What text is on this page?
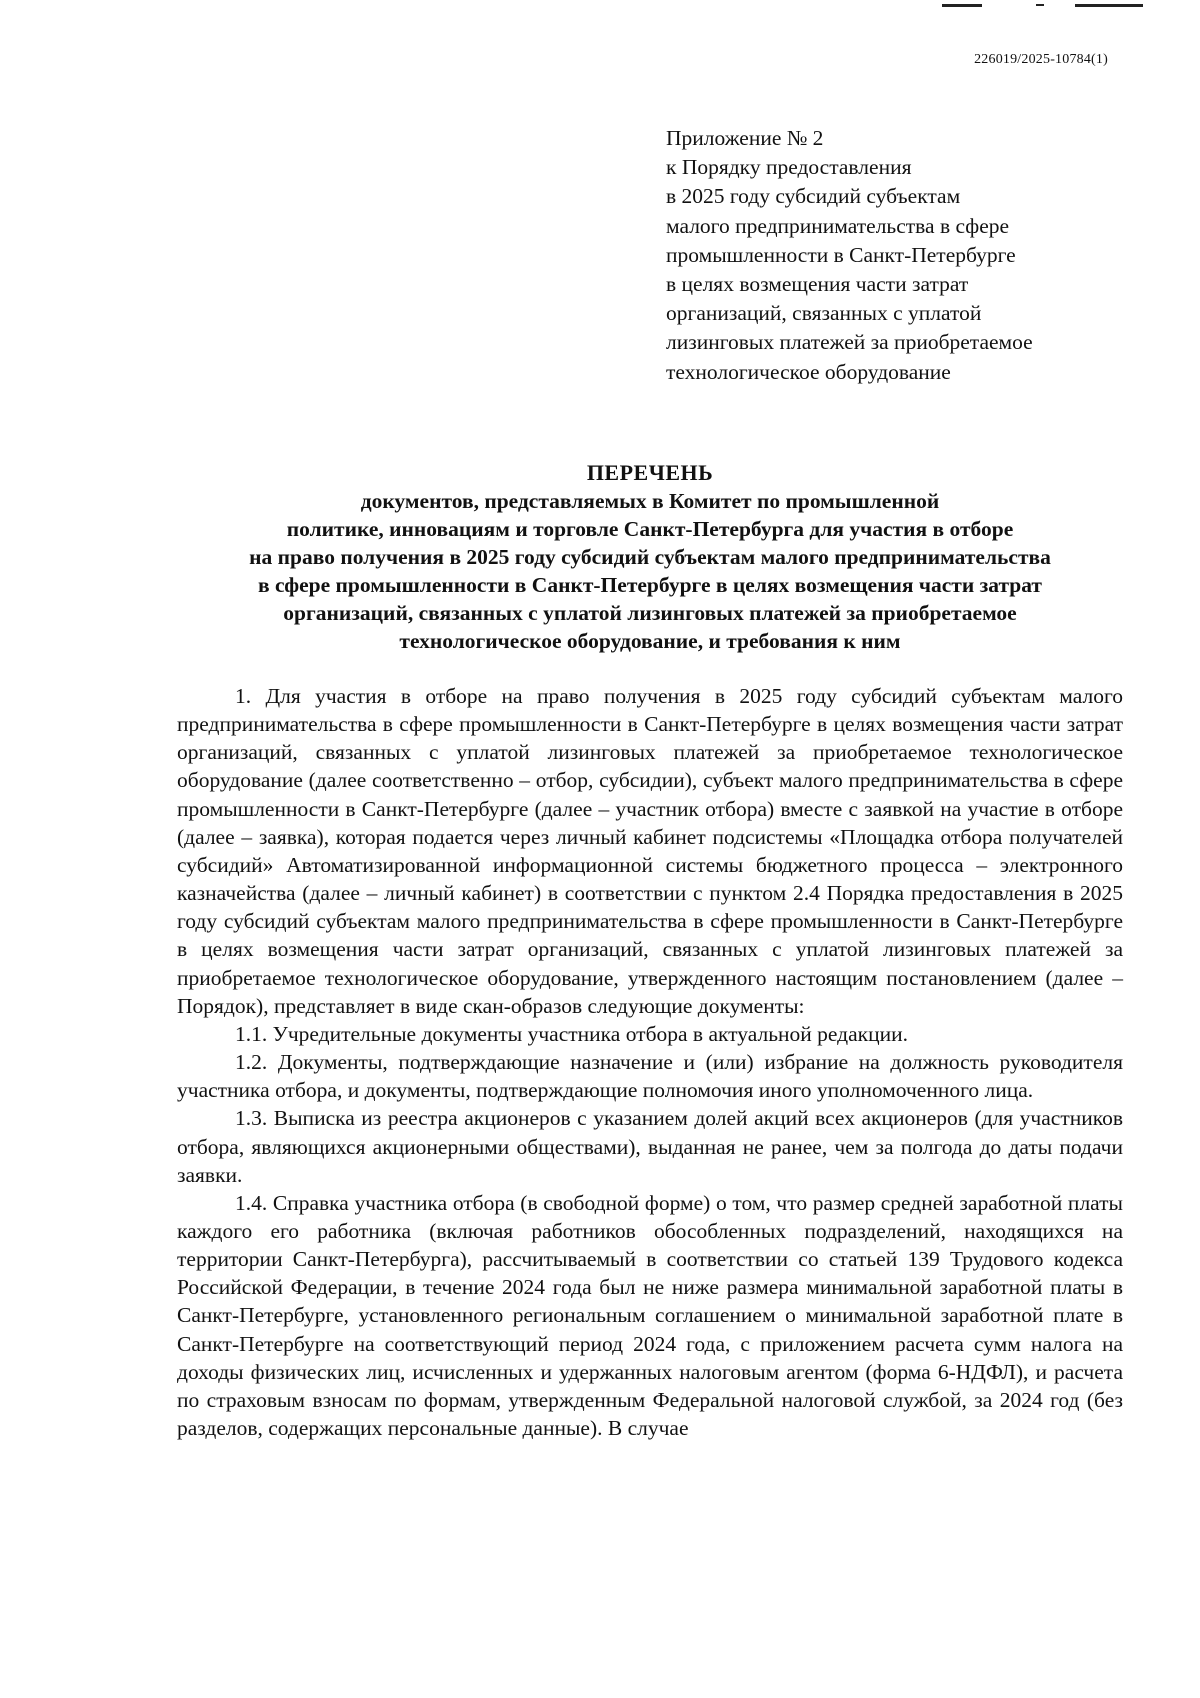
226019/2025-10784(1)
Приложение № 2
к Порядку предоставления
в 2025 году субсидий субъектам
малого предпринимательства в сфере
промышленности в Санкт-Петербурге
в целях возмещения части затрат
организаций, связанных с уплатой
лизинговых платежей за приобретаемое
технологическое оборудование
ПЕРЕЧЕНЬ
документов, представляемых в Комитет по промышленной
политике, инновациям и торговле Санкт-Петербурга для участия в отборе
на право получения в 2025 году субсидий субъектам малого предпринимательства
в сфере промышленности в Санкт-Петербурге в целях возмещения части затрат
организаций, связанных с уплатой лизинговых платежей за приобретаемое
технологическое оборудование, и требования к ним

1. Для участия в отборе на право получения в 2025 году субсидий субъектам малого предпринимательства в сфере промышленности в Санкт-Петербурге в целях возмещения части затрат организаций, связанных с уплатой лизинговых платежей за приобретаемое технологическое оборудование (далее соответственно – отбор, субсидии), субъект малого предпринимательства в сфере промышленности в Санкт-Петербурге (далее – участник отбора) вместе с заявкой на участие в отборе (далее – заявка), которая подается через личный кабинет подсистемы «Площадка отбора получателей субсидий» Автоматизированной информационной системы бюджетного процесса – электронного казначейства (далее – личный кабинет) в соответствии с пунктом 2.4 Порядка предоставления в 2025 году субсидий субъектам малого предпринимательства в сфере промышленности в Санкт-Петербурге в целях возмещения части затрат организаций, связанных с уплатой лизинговых платежей за приобретаемое технологическое оборудование, утвержденного настоящим постановлением (далее – Порядок), представляет в виде скан-образов следующие документы:

1.1. Учредительные документы участника отбора в актуальной редакции.

1.2. Документы, подтверждающие назначение и (или) избрание на должность руководителя участника отбора, и документы, подтверждающие полномочия иного уполномоченного лица.

1.3. Выписка из реестра акционеров с указанием долей акций всех акционеров (для участников отбора, являющихся акционерными обществами), выданная не ранее, чем за полгода до даты подачи заявки.

1.4. Справка участника отбора (в свободной форме) о том, что размер средней заработной платы каждого его работника (включая работников обособленных подразделений, находящихся на территории Санкт-Петербурга), рассчитываемый в соответствии со статьей 139 Трудового кодекса Российской Федерации, в течение 2024 года был не ниже размера минимальной заработной платы в Санкт-Петербурге, установленного региональным соглашением о минимальной заработной плате в Санкт-Петербурге на соответствующий период 2024 года, с приложением расчета сумм налога на доходы физических лиц, исчисленных и удержанных налоговым агентом (форма 6-НДФЛ), и расчета по страховым взносам по формам, утвержденным Федеральной налоговой службой, за 2024 год (без разделов, содержащих персональные данные). В случае
